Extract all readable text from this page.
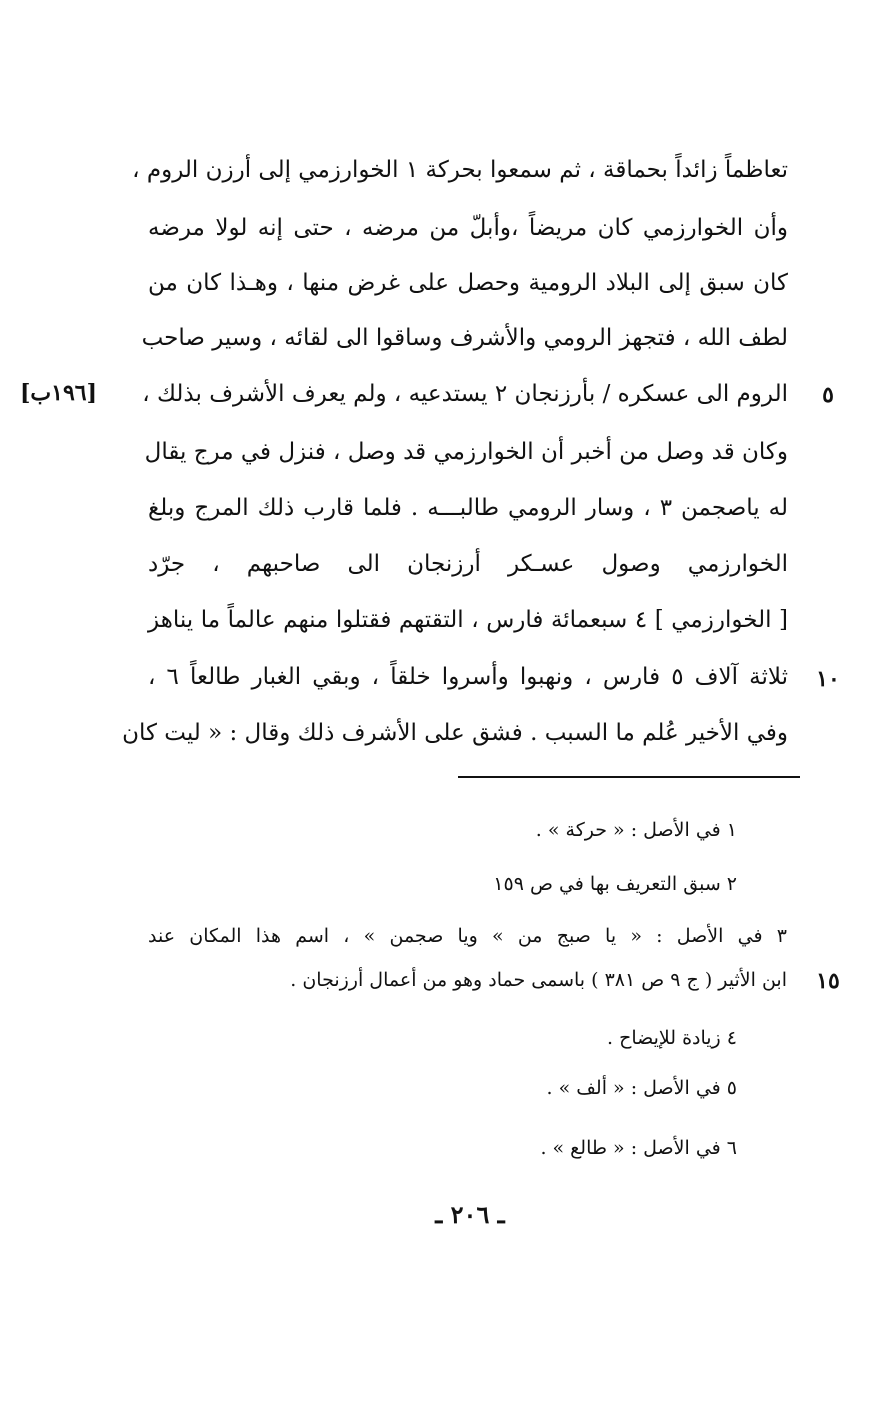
تعاظماً زائداً بحماقة ، ثم سمعوا بحركة ١ الخوارزمي إلى أرزن الروم ،
وأن الخوارزمي كان مريضاً ،وأبلّ من مرضه ، حتى إنه لولا مرضه
كان سبق إلى البلاد الرومية وحصل على غرض منها ، وهـذا كان من
لطف الله ، فتجهز الرومي والأشرف وساقوا الى لقائه ، وسير صاحب
الروم الى عسكره / بأرزنجان ٢ يستدعيه ، ولم يعرف الأشرف بذلك ،
وكان قد وصل من أخبر أن الخوارزمي قد وصل ، فنزل في مرج يقال
له ياصجمن ٣ ، وسار الرومي طالبـــه . فلما قارب ذلك المرج وبلغ
الخوارزمي وصول عسـكر أرزنجان الى صاحبهم ، جرّد
[ الخوارزمي ] ٤ سبعمائة فارس ، التقتهم فقتلوا منهم عالماً ما يناهز
ثلاثة آلاف ٥ فارس ، ونهبوا وأسروا خلقاً ، وبقي الغبار طالعاً ٦ ،
وفي الأخير عُلم ما السبب . فشق على الأشرف ذلك وقال : « ليت كان
٥
١٠
١٥
[١٩٦ب]
١ في الأصل : « حركة » .
٢ سبق التعريف بها في ص ١٥٩
٣ في الأصل : « يا صبج من » ويا صجمن » ، اسم هذا المكان عند
ابن الأثير ( ج ٩ ص ٣٨١ ) باسمى حماد وهو من أعمال أرزنجان .
٤ زيادة للإيضاح .
٥ في الأصل : « ألف » .
٦ في الأصل : « طالع » .
ـ ٢٠٦ ـ
